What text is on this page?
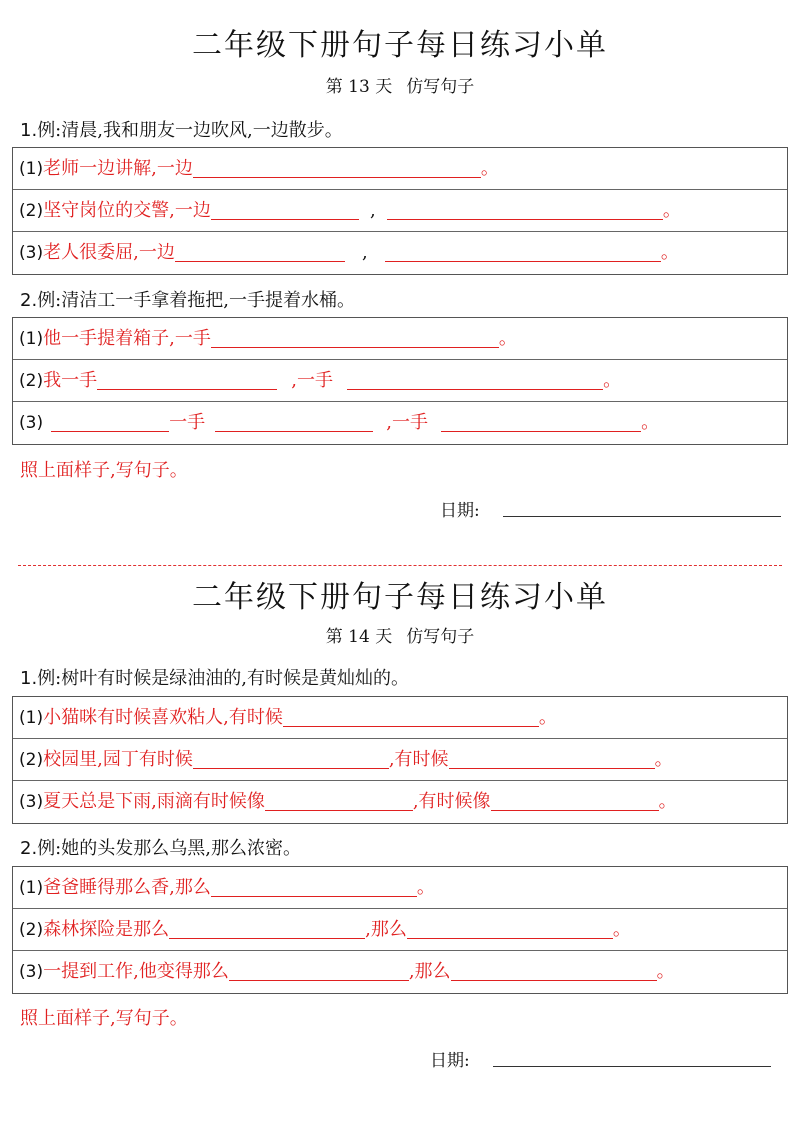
二年级下册句子每日练习小单
第 13 天 仿写句子
1.例:清晨,我和朋友一边吹风,一边散步。
(1)老师一边讲解,一边	。
(2)坚守岗位的交警,一边	,	。
(3)老人很委屈,一边	,	。
2.例:清洁工一手拿着拖把,一手提着水桶。
(1)他一手提着箱子,一手	。
(2)我一手	,一手	。
(3)	一手	,一手	。
照上面样子,写句子。
日期:
二年级下册句子每日练习小单
第 14 天 仿写句子
1.例:树叶有时候是绿油油的,有时候是黄灿灿的。
(1)小猫咪有时候喜欢粘人,有时候	。
(2)校园里,园丁有时候	,有时候	。
(3)夏天总是下雨,雨滴有时候像	,有时候像	。
2.例:她的头发那么乌黑,那么浓密。
(1)爸爸睡得那么香,那么	。
(2)森林探险是那么	,那么	。
(3)一提到工作,他变得那么	,那么	。
照上面样子,写句子。
日期:
